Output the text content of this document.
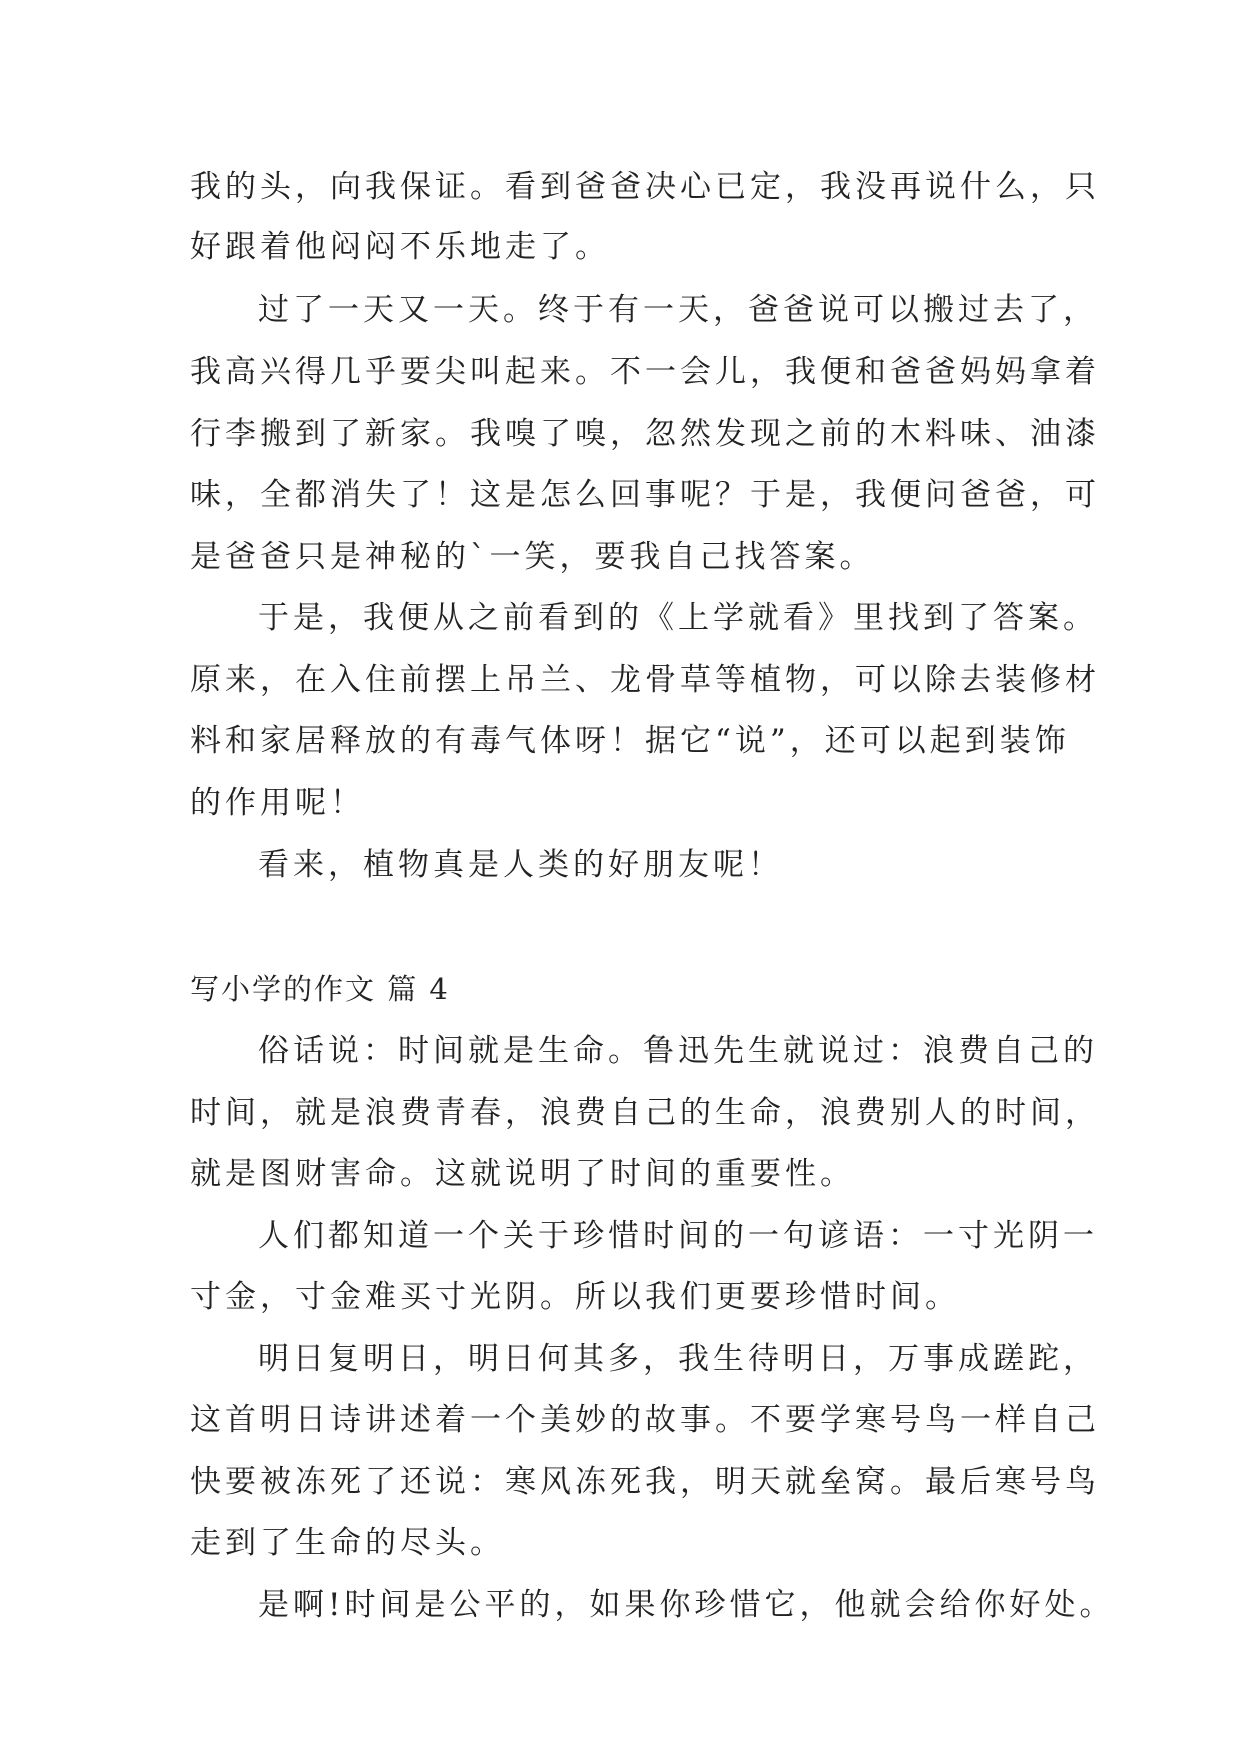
我的头，向我保证。看到爸爸决心已定，我没再说什么，只
好跟着他闷闷不乐地走了。
过了一天又一天。终于有一天，爸爸说可以搬过去了，
我高兴得几乎要尖叫起来。不一会儿，我便和爸爸妈妈拿着
行李搬到了新家。我嗅了嗅，忽然发现之前的木料味、油漆
味，全都消失了！这是怎么回事呢？于是，我便问爸爸，可
是爸爸只是神秘的`一笑，要我自己找答案。
于是，我便从之前看到的《上学就看》里找到了答案。
原来，在入住前摆上吊兰、龙骨草等植物，可以除去装修材
料和家居释放的有毒气体呀！据它“说”，还可以起到装饰
的作用呢！
看来，植物真是人类的好朋友呢！
写小学的作文 篇 4
俗话说：时间就是生命。鲁迅先生就说过：浪费自己的
时间，就是浪费青春，浪费自己的生命，浪费别人的时间，
就是图财害命。这就说明了时间的重要性。
人们都知道一个关于珍惜时间的一句谚语：一寸光阴一
寸金，寸金难买寸光阴。所以我们更要珍惜时间。
明日复明日，明日何其多，我生待明日，万事成蹉跎，
这首明日诗讲述着一个美妙的故事。不要学寒号鸟一样自己
快要被冻死了还说：寒风冻死我，明天就垒窝。最后寒号鸟
走到了生命的尽头。
是啊!时间是公平的，如果你珍惜它，他就会给你好处。
